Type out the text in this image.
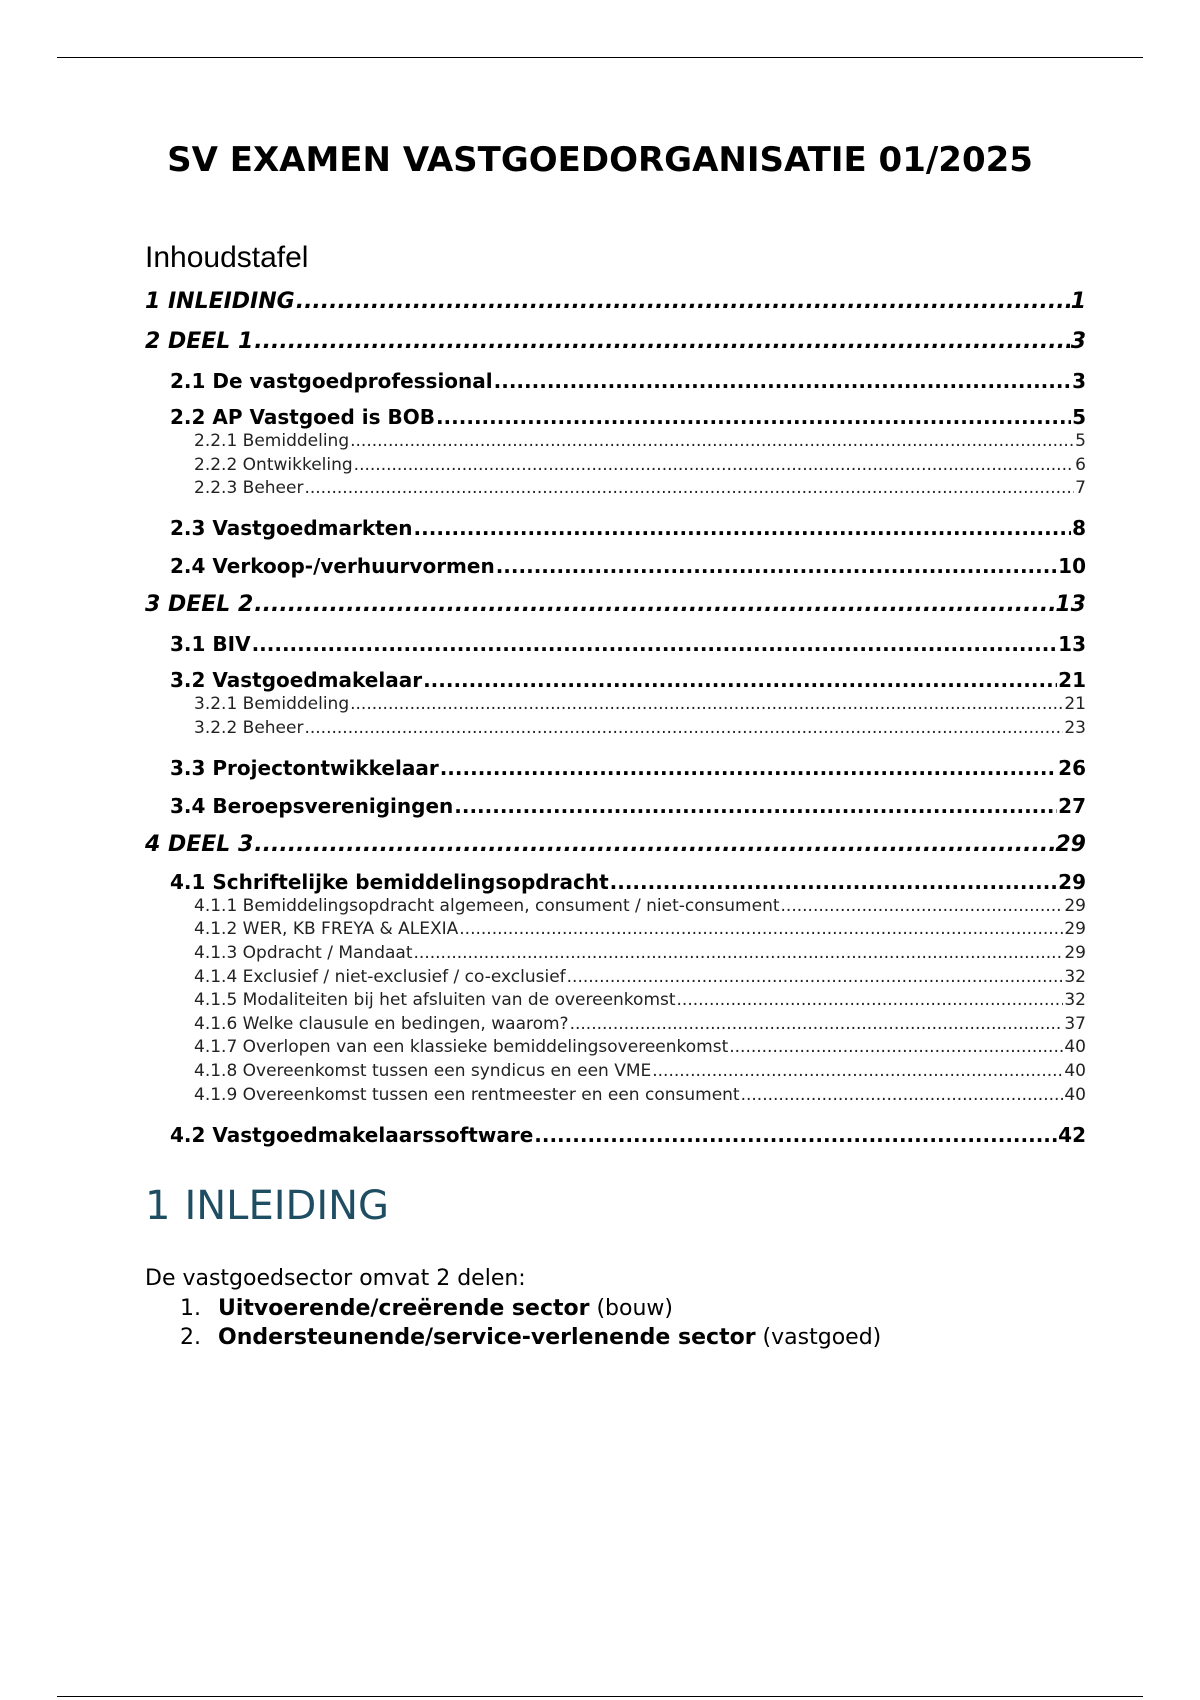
SV EXAMEN VASTGOEDORGANISATIE 01/2025
Inhoudstafel
1 INLEIDING .....	1
2 DEEL 1 .....	3
2.1 De vastgoedprofessional .....	3
2.2 AP Vastgoed is BOB .....	5
2.2.1 Bemiddeling .....	5
2.2.2 Ontwikkeling .....	6
2.2.3 Beheer .....	7
2.3 Vastgoedmarkten .....	8
2.4 Verkoop-/verhuurvormen .....	10
3 DEEL 2 .....	13
3.1 BIV .....	13
3.2 Vastgoedmakelaar .....	21
3.2.1 Bemiddeling .....	21
3.2.2 Beheer .....	23
3.3 Projectontwikkelaar .....	26
3.4 Beroepsverenigingen .....	27
4 DEEL 3 .....	29
4.1 Schriftelijke bemiddelingsopdracht .....	29
4.1.1 Bemiddelingsopdracht algemeen, consument / niet-consument .....	29
4.1.2 WER, KB FREYA & ALEXIA .....	29
4.1.3 Opdracht / Mandaat .....	29
4.1.4 Exclusief / niet-exclusief / co-exclusief .....	32
4.1.5 Modaliteiten bij het afsluiten van de overeenkomst .....	32
4.1.6 Welke clausule en bedingen, waarom? .....	37
4.1.7 Overlopen van een klassieke bemiddelingsovereenkomst .....	40
4.1.8 Overeenkomst tussen een syndicus en een VME .....	40
4.1.9 Overeenkomst tussen een rentmeester en een consument .....	40
4.2 Vastgoedmakelaarssoftware .....	42
1 INLEIDING

De vastgoedsector omvat 2 delen:

1. Uitvoerende/creërende sector (bouw)
2. Ondersteunende/service-verlenende sector (vastgoed)
